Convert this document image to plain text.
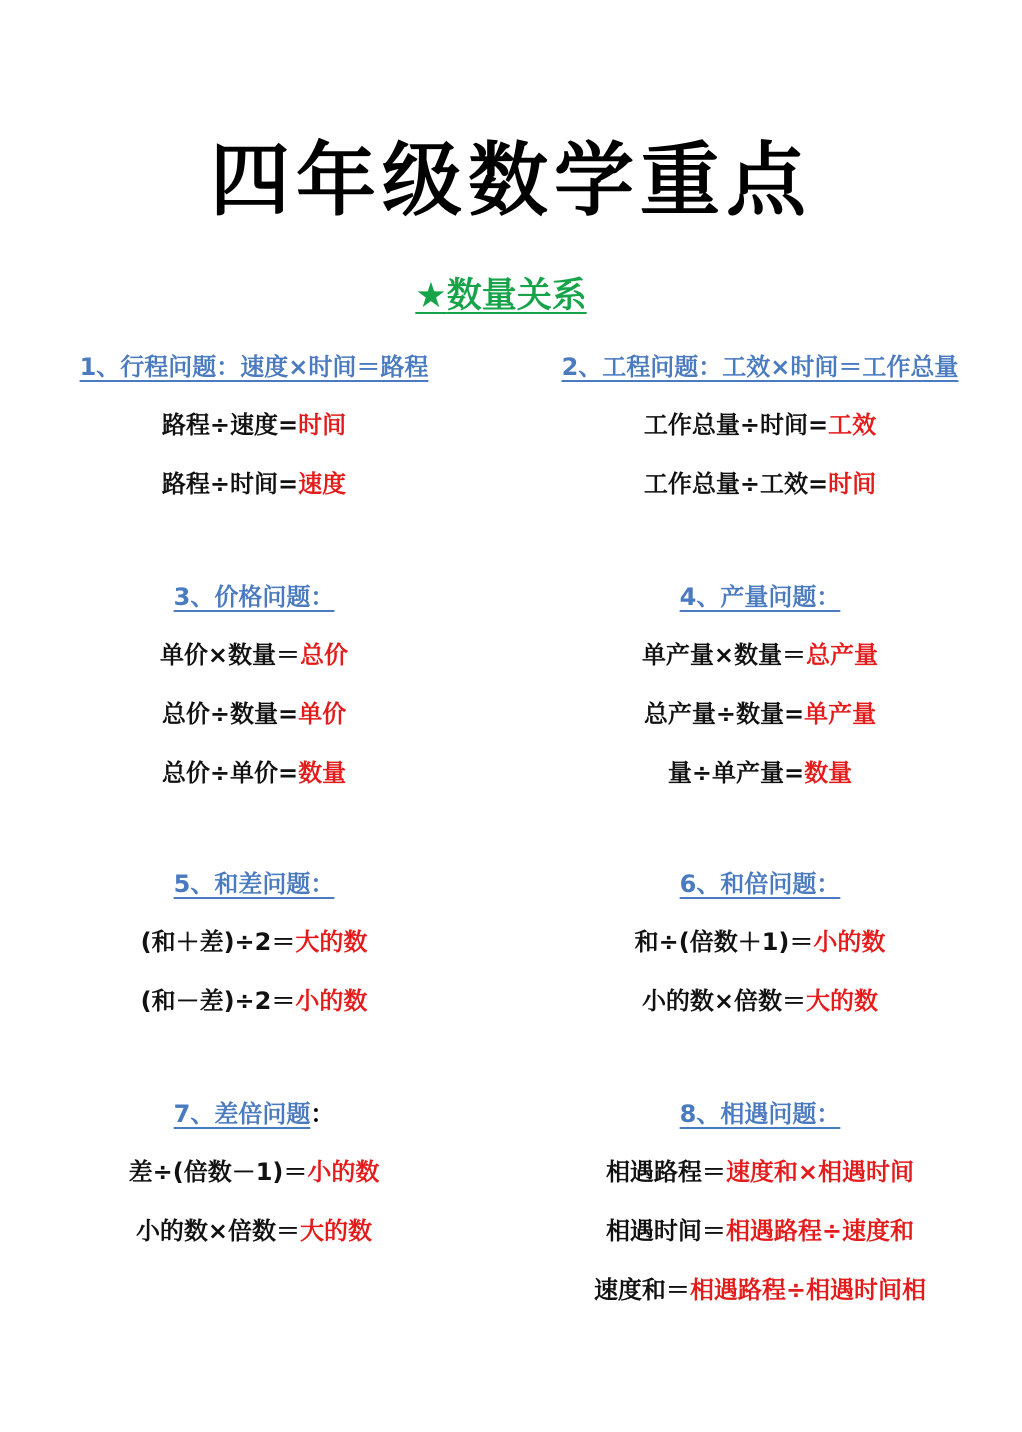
四年级数学重点
★数量关系
1、行程问题：速度×时间＝路程
路程÷速度=时间
路程÷时间=速度
2、工程问题：工效×时间＝工作总量
工作总量÷时间=工效
工作总量÷工效=时间
3、价格问题：
单价×数量＝总价
总价÷数量=单价
总价÷单价=数量
4、产量问题：
单产量×数量＝总产量
总产量÷数量=单产量
量÷单产量=数量
5、和差问题：
(和＋差)÷2＝大的数
(和－差)÷2＝小的数
6、和倍问题：
和÷(倍数＋1)＝小的数
小的数×倍数＝大的数
7、差倍问题：
差÷(倍数－1)＝小的数
小的数×倍数＝大的数
8、相遇问题：
相遇路程＝速度和×相遇时间
相遇时间＝相遇路程÷速度和
速度和＝相遇路程÷相遇时间相
